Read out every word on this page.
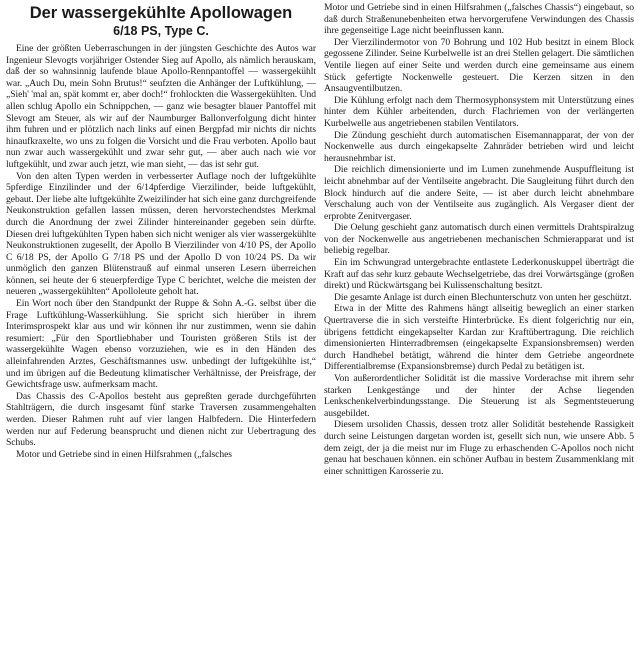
Der wassergekühlte Apollowagen
6/18 PS, Type C.

Eine der größten Ueberraschungen in der jüngsten Geschichte des Autos war Ingenieur Slevogts vorjähriger Ostender Sieg auf Apollo, als nämlich herauskam, daß der so wahnsinnig laufende blaue Apollo-Rennpantoffel — wassergekühlt war. „Auch Du, mein Sohn Brutus!“ seufzten die Anhänger der Luftkühlung, — „Sieh' 'mal an, spät kommt er, aber doch!“ frohlockten die Wassergekühlten. Und allen schlug Apollo ein Schnippchen, — ganz wie besagter blauer Pantoffel mit Slevogt am Steuer, als wir auf der Naumburger Ballonverfolgung dicht hinter ihm fuhren und er plötzlich nach links auf einen Bergpfad mir nichts dir nichts hinaufkraxelte, wo uns zu folgen die Vorsicht und die Frau verboten. Apollo baut nun zwar auch wassergekühlt und zwar sehr gut, — aber auch nach wie vor luftgekühlt, und zwar auch jetzt, wie man sieht, — das ist sehr gut.

Von den alten Typen werden in verbesserter Auflage noch der luftgekühlte 5pferdige Einzilinder und der 6/14pferdige Vierzilinder, beide luftgekühlt, gebaut. Der liebe alte luftgekühlte Zweizilinder hat sich eine ganz durchgreifende Neukonstruktion gefallen lassen müssen, deren hervorstechendstes Merkmal durch die Anordnung der zwei Zilinder hintereinander gegeben sein dürfte. Diesen drei luftgekühlten Typen haben sich nicht weniger als vier wassergekühlte Neukonstruktionen zugesellt, der Apollo B Vierzilinder von 4/10 PS, der Apollo C 6/18 PS, der Apollo G 7/18 PS und der Apollo D von 10/24 PS. Da wir unmöglich den ganzen Blütenstrauß auf einmal unseren Lesern überreichen können, sei heute der 6 steuerpferdige Type C berichtet, welche die meisten der neueren „wassergekühlten“ Apolloleute geholt hat.

Ein Wort noch über den Standpunkt der Ruppe & Sohn A.-G. selbst über die Frage Luftkühlung-Wasserkühlung. Sie spricht sich hierüber in ihrem Interimsprospekt klar aus und wir können ihr nur zustimmen, wenn sie dahin resumiert: „Für den Sportliebhaber und Touristen größeren Stils ist der wassergekühlte Wagen ebenso vorzuziehen, wie es in den Händen des alleinfahrenden Arztes, Geschäftsmannes usw. unbedingt der luftgekühlte ist,“ und im übrigen auf die Bedeutung klimatischer Verhältnisse, der Preisfrage, der Gewichtsfrage usw. aufmerksam macht.

Das Chassis des C-Apollos besteht aus gepreßten gerade durchgeführten Stahlträgern, die durch insgesamt fünf starke Traversen zusammengehalten werden. Dieser Rahmen ruht auf vier langen Halbfedern. Die Hinterfedern werden nur auf Federung beansprucht und dienen nicht zur Uebertragung des Schubs.

Motor und Getriebe sind in einen Hilfsrahmen („falsches

Motor und Getriebe sind in einen Hilfsrahmen („falsches Chassis“) eingebaut, so daß durch Straßenunebenheiten etwa hervorgerufene Verwindungen des Chassis ihre gegenseitige Lage nicht beeinflussen kann.

Der Vierzilindermotor von 70 Bohrung und 102 Hub besitzt in einem Block gegossene Zilinder. Seine Kurbelwelle ist an drei Stellen gelagert. Die sämtlichen Ventile liegen auf einer Seite und werden durch eine gemeinsame aus einem Stück gefertigte Nockenwelle gesteuert. Die Kerzen sitzen in den Ansaugventilbutzen.

Die Kühlung erfolgt nach dem Thermosyphonsystem mit Unterstützung eines hinter dem Kühler arbeitenden, durch Flachriemen von der verlängerten Kurbelwelle aus angetriebenen stabilen Ventilators.

Die Zündung geschieht durch automatischen Eisemannapparat, der von der Nockenwelle aus durch eingekapselte Zahnräder betrieben wird und leicht herausnehmbar ist.

Die reichlich dimensionierte und im Lumen zunehmende Auspuffleitung ist leicht abnehmbar auf der Ventilseite angebracht. Die Saugleitung führt durch den Block hindurch auf die andere Seite, — ist aber durch leicht abnehmbare Verschalung auch von der Ventilseite aus zugänglich. Als Vergaser dient der erprobte Zenitvergaser.

Die Oelung geschieht ganz automatisch durch einen vermittels Drahtspiralzug von der Nockenwelle aus angetriebenen mechanischen Schmierapparat und ist beliebig regelbar.

Ein im Schwungrad untergebrachte entlastete Lederkonuskuppel überträgt die Kraft auf das sehr kurz gebaute Wechselgetriebe, das drei Vorwärtsgänge (großen direkt) und Rückwärtsgang bei Kulissenschaltung besitzt.

Die gesamte Anlage ist durch einen Blechunterschutz von unten her geschützt.

Etwa in der Mitte des Rahmens hängt allseitig beweglich an einer starken Quertraverse die in sich versteifte Hinterbrücke. Es dient folgerichtig nur ein, übrigens fettdicht eingekapselter Kardan zur Kraftübertragung. Die reichlich dimensionierten Hinterradbremsen (eingekapselte Expansionsbremsen) werden durch Handhebel betätigt, während die hinter dem Getriebe angeordnete Differentialbremse (Expansionsbremse) durch Pedal zu betätigen ist.

Von außerordentlicher Solidität ist die massive Vorderachse mit ihrem sehr starken Lenkgestänge und der hinter der Achse liegenden Lenkschenkelverbindungsstange. Die Steuerung ist als Segmentsteuerung ausgebildet.

Diesem ursoliden Chassis, dessen trotz aller Solidität bestehende Rassigkeit durch seine Leistungen dargetan worden ist, gesellt sich nun, wie unsere Abb. 5 dem zeigt, der ja die meist nur im Fluge zu erhaschenden C-Apollos noch nicht genau hat beschauen können. ein schöner Aufbau in bestem Zusammenklang mit einer schnittigen Karosserie zu.
